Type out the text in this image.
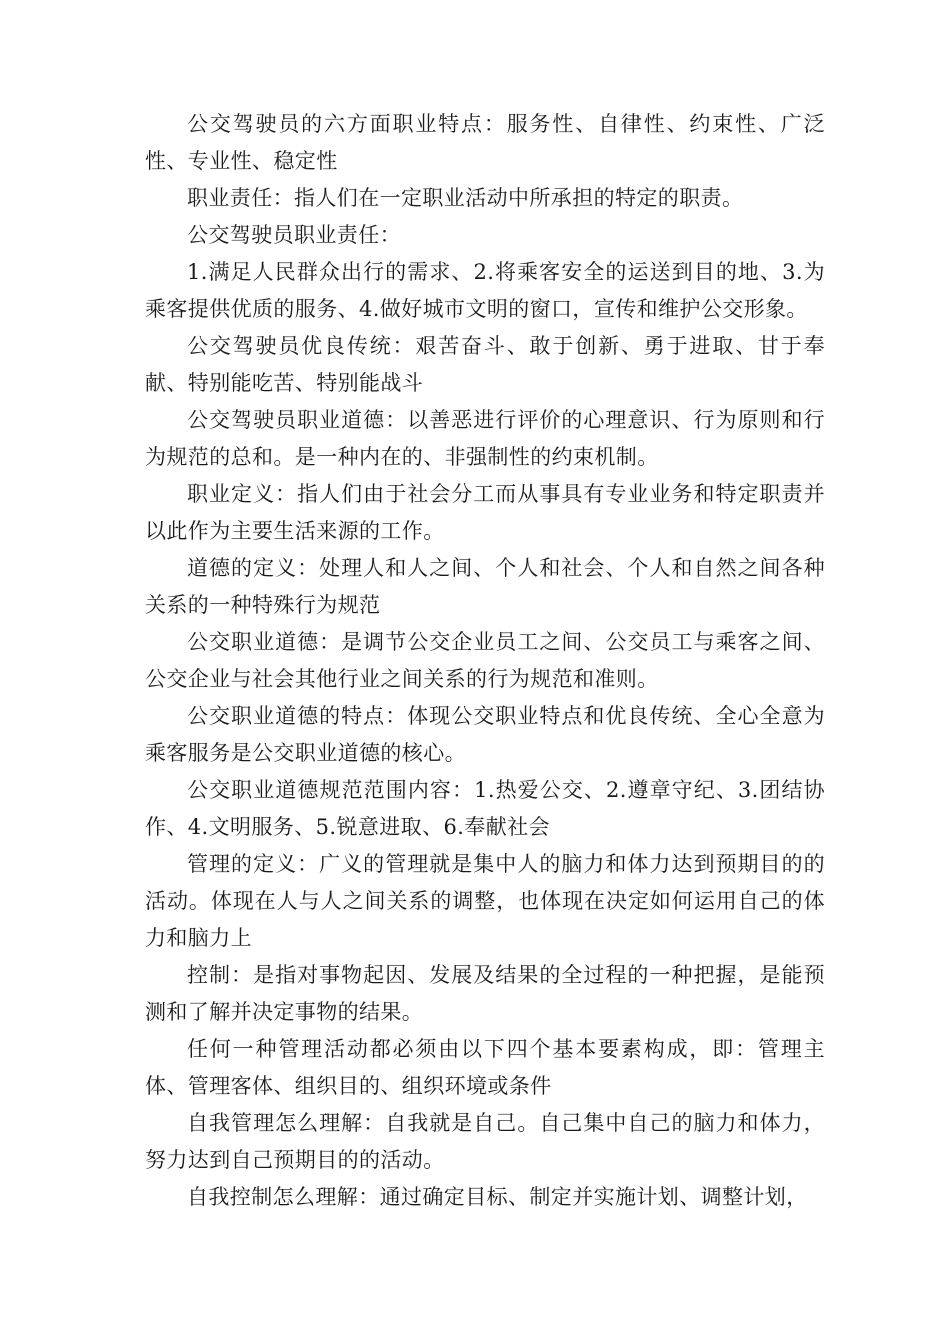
公交驾驶员的六方面职业特点：服务性、自律性、约束性、广泛性、专业性、稳定性

职业责任：指人们在一定职业活动中所承担的特定的职责。

公交驾驶员职业责任：

1.满足人民群众出行的需求、2.将乘客安全的运送到目的地、3.为乘客提供优质的服务、4.做好城市文明的窗口，宣传和维护公交形象。

公交驾驶员优良传统：艰苦奋斗、敢于创新、勇于进取、甘于奉献、特别能吃苦、特别能战斗

公交驾驶员职业道德：以善恶进行评价的心理意识、行为原则和行为规范的总和。是一种内在的、非强制性的约束机制。

职业定义：指人们由于社会分工而从事具有专业业务和特定职责并以此作为主要生活来源的工作。

道德的定义：处理人和人之间、个人和社会、个人和自然之间各种关系的一种特殊行为规范

公交职业道德：是调节公交企业员工之间、公交员工与乘客之间、公交企业与社会其他行业之间关系的行为规范和准则。

公交职业道德的特点：体现公交职业特点和优良传统、全心全意为乘客服务是公交职业道德的核心。

公交职业道德规范范围内容：1.热爱公交、2.遵章守纪、3.团结协作、4.文明服务、5.锐意进取、6.奉献社会

管理的定义：广义的管理就是集中人的脑力和体力达到预期目的的活动。体现在人与人之间关系的调整，也体现在决定如何运用自己的体力和脑力上

控制：是指对事物起因、发展及结果的全过程的一种把握，是能预测和了解并决定事物的结果。

任何一种管理活动都必须由以下四个基本要素构成，即：管理主体、管理客体、组织目的、组织环境或条件

自我管理怎么理解：自我就是自己。自己集中自己的脑力和体力，努力达到自己预期目的的活动。

自我控制怎么理解：通过确定目标、制定并实施计划、调整计划，
